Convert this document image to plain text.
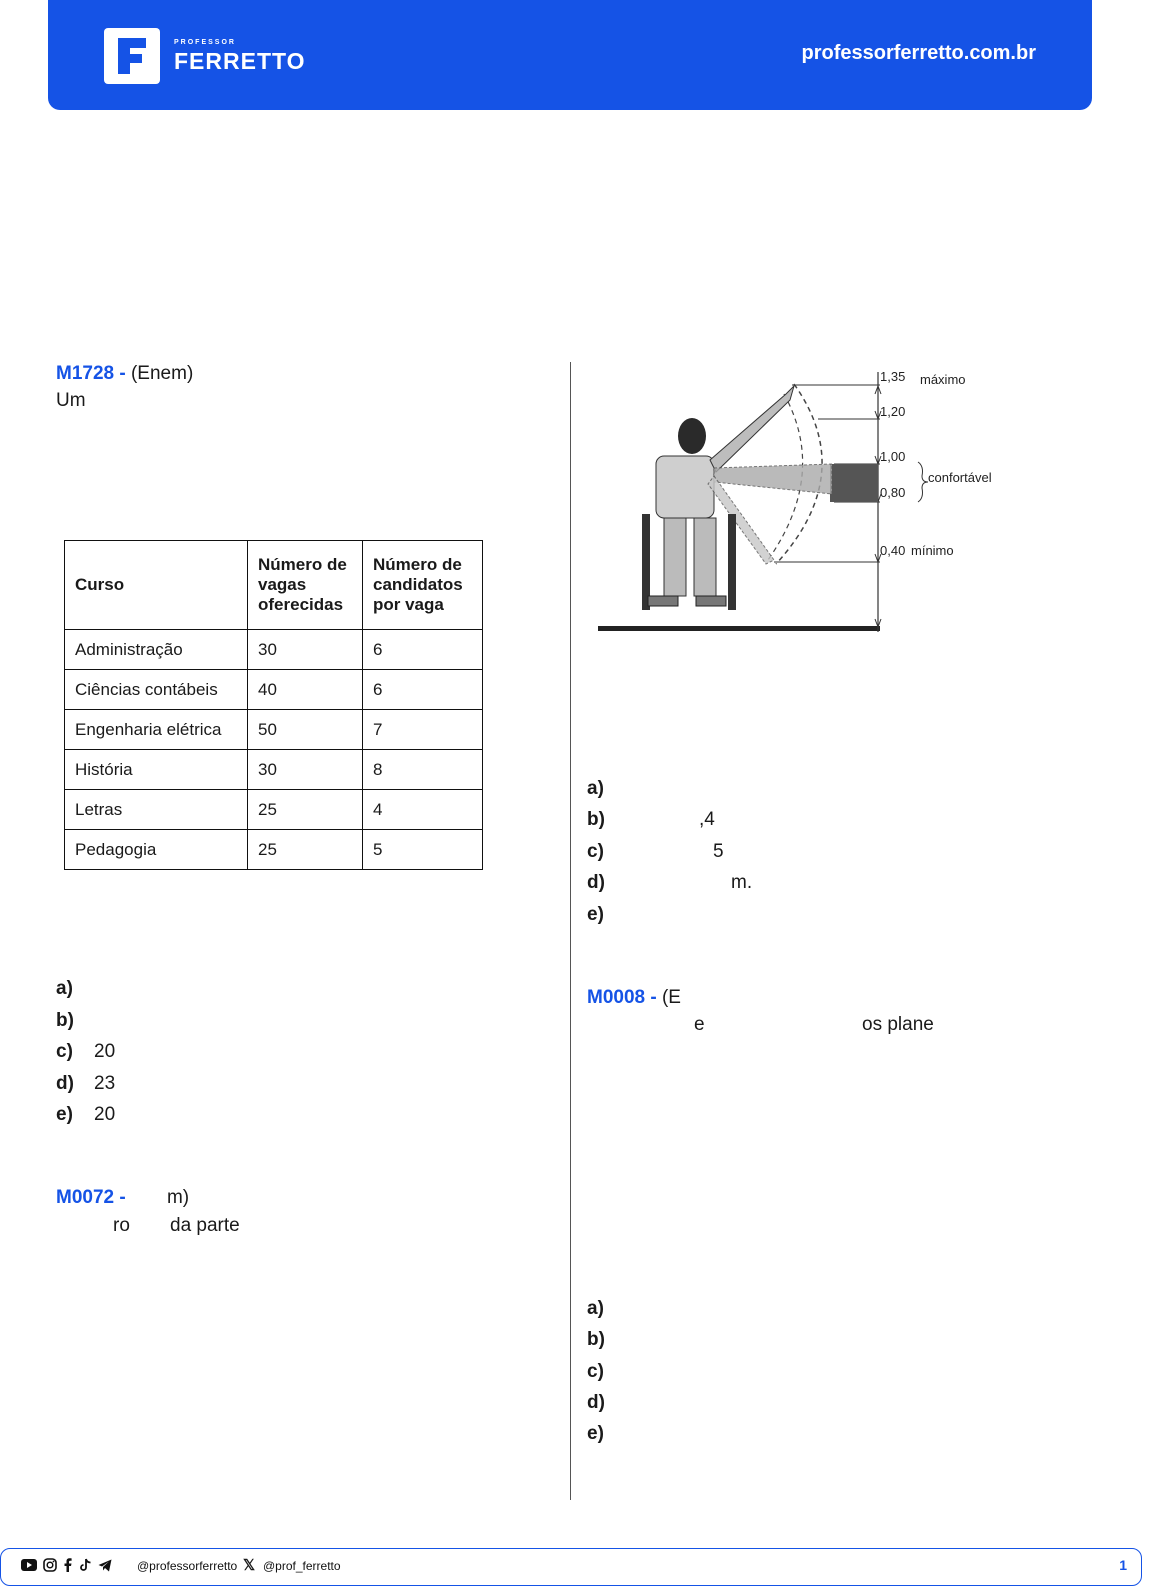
PROFESSOR
FERRETTO	professorferretto.com.br
M1728 - (Enem)
Um
Curso	Número de vagas oferecidas	Número de candidatos por vaga
Administração	30	6
Ciências contábeis	40	6
Engenharia elétrica	50	7
História	30	8
Letras	25	4
Pedagogia	25	5
a)
b)
c) 20
d) 23
e) 20
M0072 - m)
ro da parte
1,35 máximo
1,20
1,00
confortável
0,80
0,40 mínimo
a)
b)	,4
c)	5
d)	m.
e)
M0008 - (E
e	os plane
a)
b)
c)
d)
e)
@professorferretto 𝕏 @prof_ferretto	1
